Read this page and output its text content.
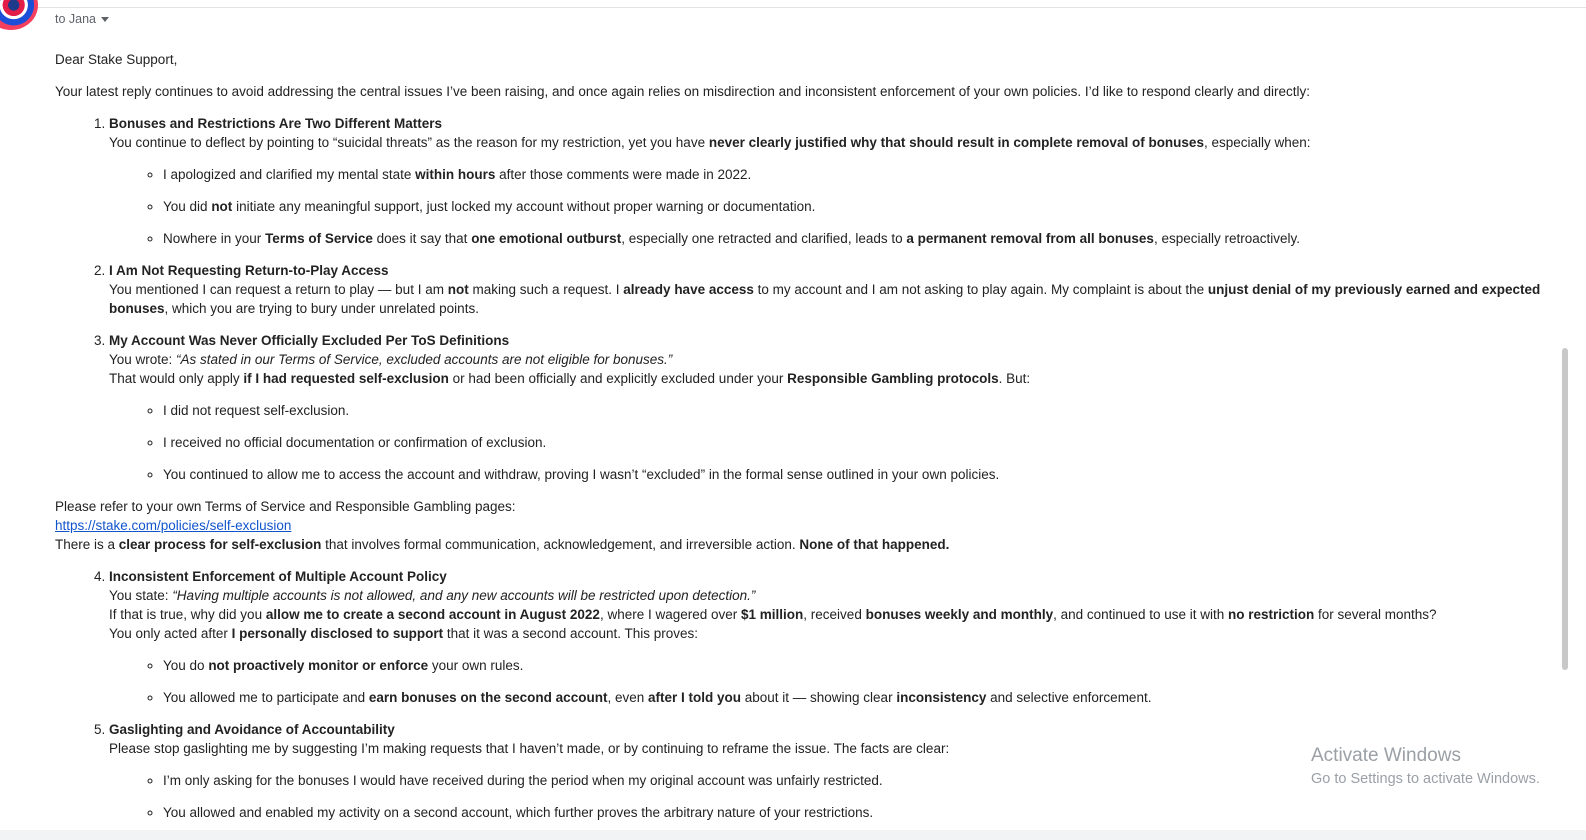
to Jana

Dear Stake Support,

Your latest reply continues to avoid addressing the central issues I’ve been raising, and once again relies on misdirection and inconsistent enforcement of your own policies. I’d like to respond clearly and directly:

1. Bonuses and Restrictions Are Two Different Matters
You continue to deflect by pointing to “suicidal threats” as the reason for my restriction, yet you have never clearly justified why that should result in complete removal of bonuses, especially when:
◦ I apologized and clarified my mental state within hours after those comments were made in 2022.
◦ You did not initiate any meaningful support, just locked my account without proper warning or documentation.
◦ Nowhere in your Terms of Service does it say that one emotional outburst, especially one retracted and clarified, leads to a permanent removal from all bonuses, especially retroactively.
2. I Am Not Requesting Return-to-Play Access
You mentioned I can request a return to play — but I am not making such a request. I already have access to my account and I am not asking to play again. My complaint is about the unjust denial of my previously earned and expected bonuses, which you are trying to bury under unrelated points.
3. My Account Was Never Officially Excluded Per ToS Definitions
You wrote: “As stated in our Terms of Service, excluded accounts are not eligible for bonuses.”
That would only apply if I had requested self-exclusion or had been officially and explicitly excluded under your Responsible Gambling protocols. But:
◦ I did not request self-exclusion.
◦ I received no official documentation or confirmation of exclusion.
◦ You continued to allow me to access the account and withdraw, proving I wasn’t “excluded” in the formal sense outlined in your own policies.

Please refer to your own Terms of Service and Responsible Gambling pages:

https://stake.com/policies/self-exclusion

There is a clear process for self-exclusion that involves formal communication, acknowledgement, and irreversible action. None of that happened.

4. Inconsistent Enforcement of Multiple Account Policy
You state: “Having multiple accounts is not allowed, and any new accounts will be restricted upon detection.”
If that is true, why did you allow me to create a second account in August 2022, where I wagered over $1 million, received bonuses weekly and monthly, and continued to use it with no restriction for several months?
You only acted after I personally disclosed to support that it was a second account. This proves:
◦ You do not proactively monitor or enforce your own rules.
◦ You allowed me to participate and earn bonuses on the second account, even after I told you about it — showing clear inconsistency and selective enforcement.
5. Gaslighting and Avoidance of Accountability
Please stop gaslighting me by suggesting I’m making requests that I haven’t made, or by continuing to reframe the issue. The facts are clear:
◦ I’m only asking for the bonuses I would have received during the period when my original account was unfairly restricted.
◦ You allowed and enabled my activity on a second account, which further proves the arbitrary nature of your restrictions.
Activate Windows
Go to Settings to activate Windows.
